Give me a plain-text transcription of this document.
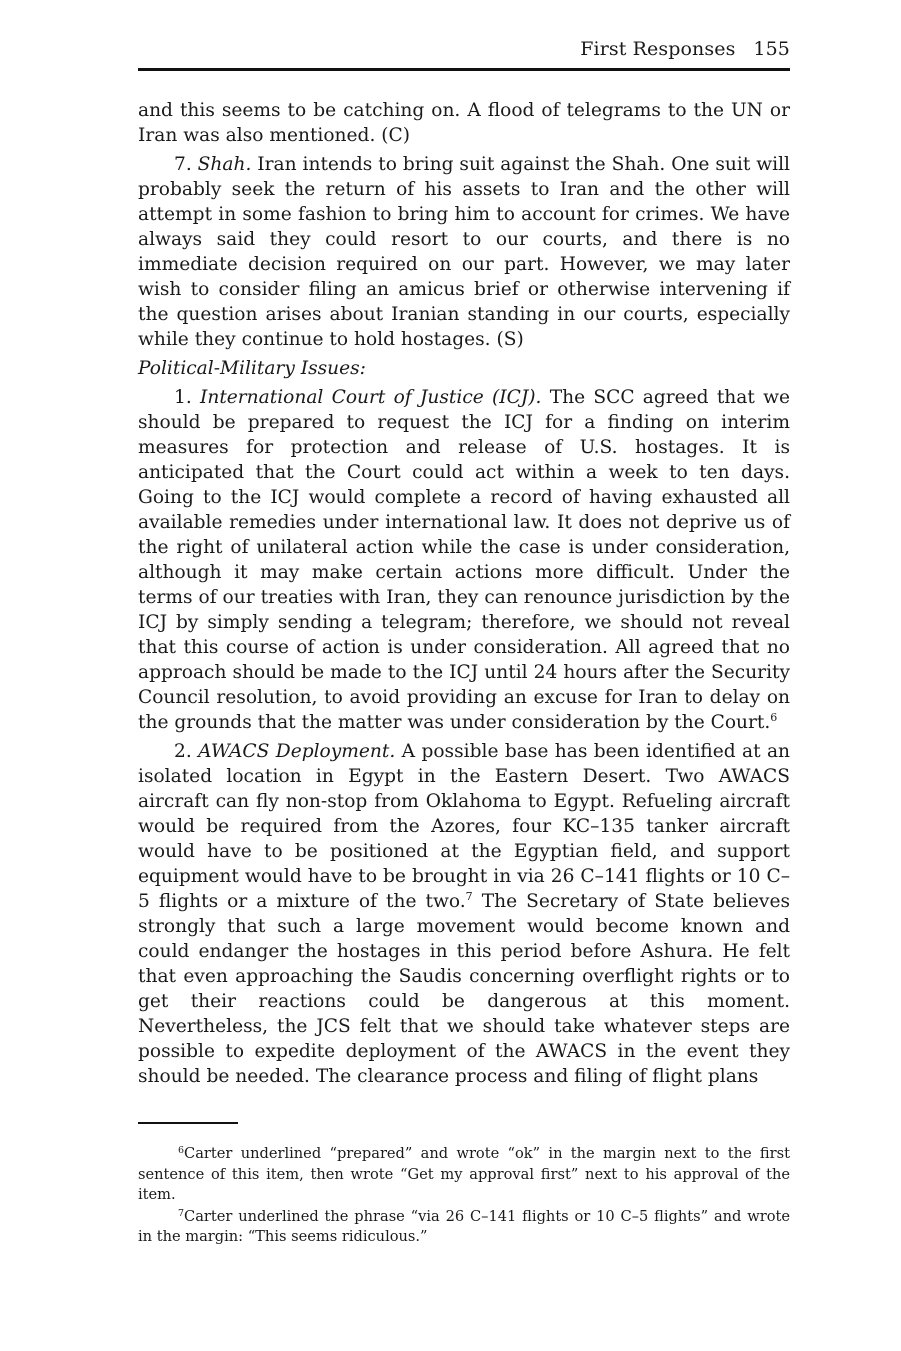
First Responses 155

and this seems to be catching on. A flood of telegrams to the UN or Iran was also mentioned. (C)

7. Shah. Iran intends to bring suit against the Shah. One suit will probably seek the return of his assets to Iran and the other will attempt in some fashion to bring him to account for crimes. We have always said they could resort to our courts, and there is no immediate decision required on our part. However, we may later wish to consider filing an amicus brief or otherwise intervening if the question arises about Iranian standing in our courts, especially while they continue to hold hostages. (S)

Political-Military Issues:

1. International Court of Justice (ICJ). The SCC agreed that we should be prepared to request the ICJ for a finding on interim measures for protection and release of U.S. hostages. It is anticipated that the Court could act within a week to ten days. Going to the ICJ would complete a record of having exhausted all available remedies under international law. It does not deprive us of the right of unilateral action while the case is under consideration, although it may make certain actions more difficult. Under the terms of our treaties with Iran, they can renounce jurisdiction by the ICJ by simply sending a telegram; therefore, we should not reveal that this course of action is under consideration. All agreed that no approach should be made to the ICJ until 24 hours after the Security Council resolution, to avoid providing an excuse for Iran to delay on the grounds that the matter was under consideration by the Court.$^6$

2. AWACS Deployment. A possible base has been identified at an isolated location in Egypt in the Eastern Desert. Two AWACS aircraft can fly non-stop from Oklahoma to Egypt. Refueling aircraft would be required from the Azores, four KC–135 tanker aircraft would have to be positioned at the Egyptian field, and support equipment would have to be brought in via 26 C–141 flights or 10 C–5 flights or a mixture of the two.$^7$ The Secretary of State believes strongly that such a large movement would become known and could endanger the hostages in this period before Ashura. He felt that even approaching the Saudis concerning overflight rights or to get their reactions could be dangerous at this moment. Nevertheless, the JCS felt that we should take whatever steps are possible to expedite deployment of the AWACS in the event they should be needed. The clearance process and filing of flight plans

$^6$Carter underlined “prepared” and wrote “ok” in the margin next to the first sentence of this item, then wrote “Get my approval first” next to his approval of the item.

$^7$Carter underlined the phrase “via 26 C–141 flights or 10 C–5 flights” and wrote in the margin: “This seems ridiculous.”
